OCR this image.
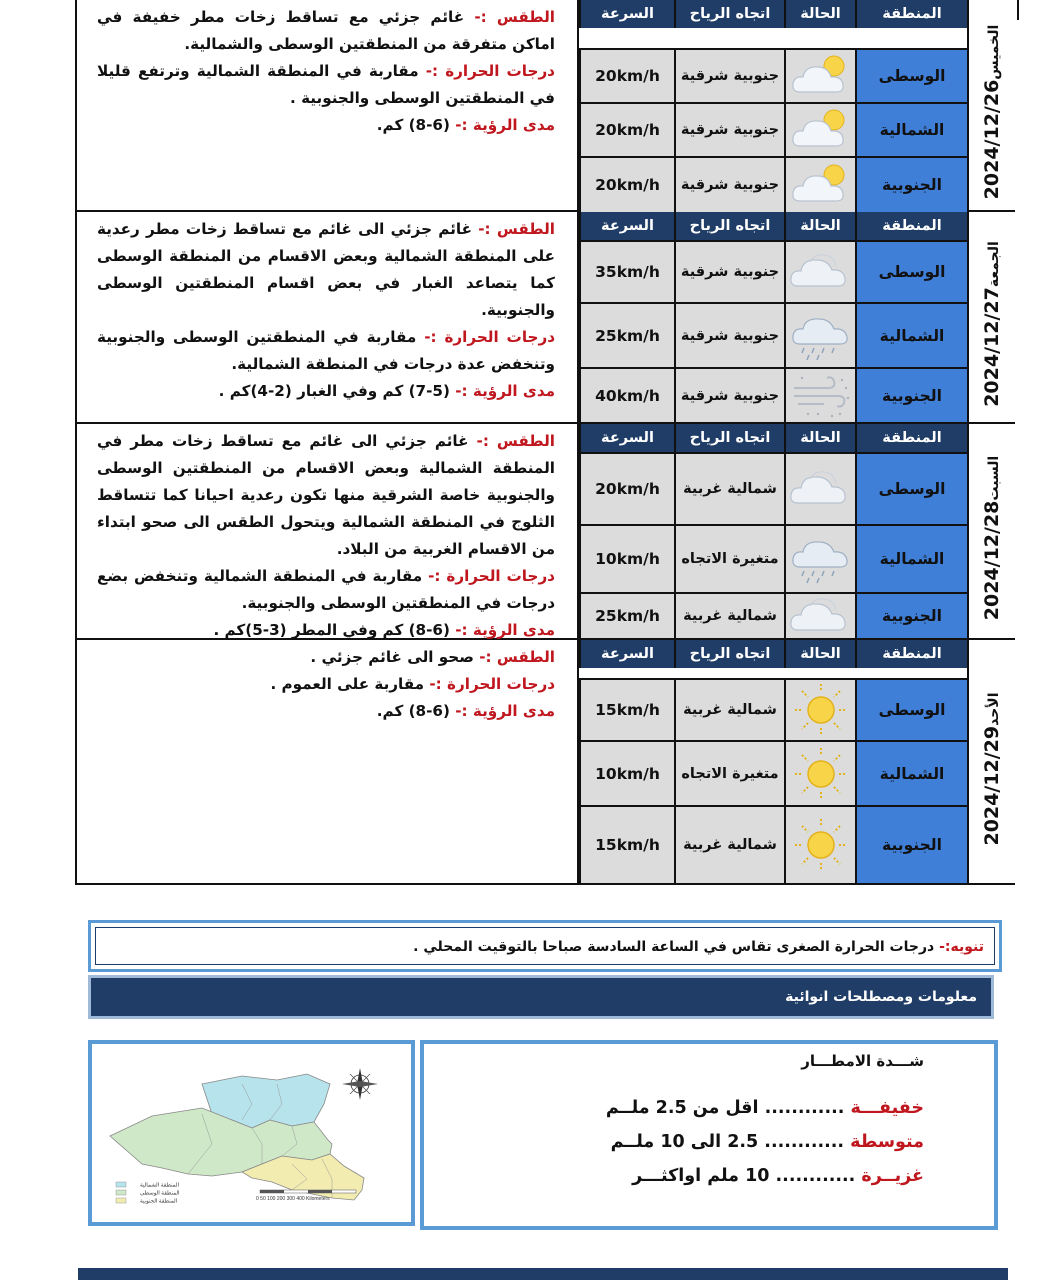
الطقس :- غائم جزئي مع تساقط زخات مطر خفيفة في اماكن متفرقة من المنطقتين الوسطى والشمالية.

درجات الحرارة :- مقاربة في المنطقة الشمالية وترتفع قليلا في المنطقتين الوسطى والجنوبية .

مدى الرؤية :- (6-8) كم.

المنطقة
الحالة
اتجاه الرياح
السرعة
الوسطى
جنوبية شرقية
20km/h
الشمالية
جنوبية شرقية
20km/h
الجنوبية
جنوبية شرقية
20km/h
الخميس2024/12/26

الطقس :- غائم جزئي الى غائم مع تساقط زخات مطر رعدية على المنطقة الشمالية وبعض الاقسام من المنطقة الوسطى كما يتصاعد الغبار في بعض اقسام المنطقتين الوسطى والجنوبية.

درجات الحرارة :- مقاربة في المنطقتين الوسطى والجنوبية وتنخفض عدة درجات في المنطقة الشمالية.

مدى الرؤية :- (5-7) كم وفي الغبار (2-4)كم .

المنطقة
الحالة
اتجاه الرياح
السرعة
الوسطى
جنوبية شرقية
35km/h
الشمالية
جنوبية شرقية
25km/h
الجنوبية
جنوبية شرقية
40km/h
الجمعة2024/12/27

الطقس :- غائم جزئي الى غائم مع تساقط زخات مطر في المنطقة الشمالية وبعض الاقسام من المنطقتين الوسطى والجنوبية خاصة الشرقية منها تكون رعدية احيانا كما تتساقط الثلوج في المنطقة الشمالية ويتحول الطقس الى صحو ابتداء من الاقسام الغربية من البلاد.

درجات الحرارة :- مقاربة في المنطقة الشمالية وتنخفض بضع درجات في المنطقتين الوسطى والجنوبية.

مدى الرؤية :- (6-8) كم وفي المطر (3-5)كم .

المنطقة
الحالة
اتجاه الرياح
السرعة
الوسطى
شمالية غربية
20km/h
الشمالية
متغيرة الاتجاه
10km/h
الجنوبية
شمالية غربية
25km/h
السبت2024/12/28

الطقس :- صحو الى غائم جزئي .

درجات الحرارة :- مقاربة على العموم .

مدى الرؤية :- (6-8) كم.

المنطقة
الحالة
اتجاه الرياح
السرعة
الوسطى
شمالية غربية
15km/h
الشمالية
متغيرة الاتجاه
10km/h
الجنوبية
شمالية غربية
15km/h
الأحد2024/12/29
تنويه:- درجات الحرارة الصغرى تقاس في الساعة السادسة صباحا بالتوقيت المحلي .
معلومات ومصطلحات انوائية
المنطقة الشمالية
المنطقة الوسطى
المنطقة الجنوبية	0 50 100 200 300 400 Kilometers
شـــدة الامطـــار
خفيفـــة ............ اقل من 2.5 ملــم
متوسطة ............ 2.5 الى 10 ملــم
غزيــرة ............ 10 ملم اواكثـــر
